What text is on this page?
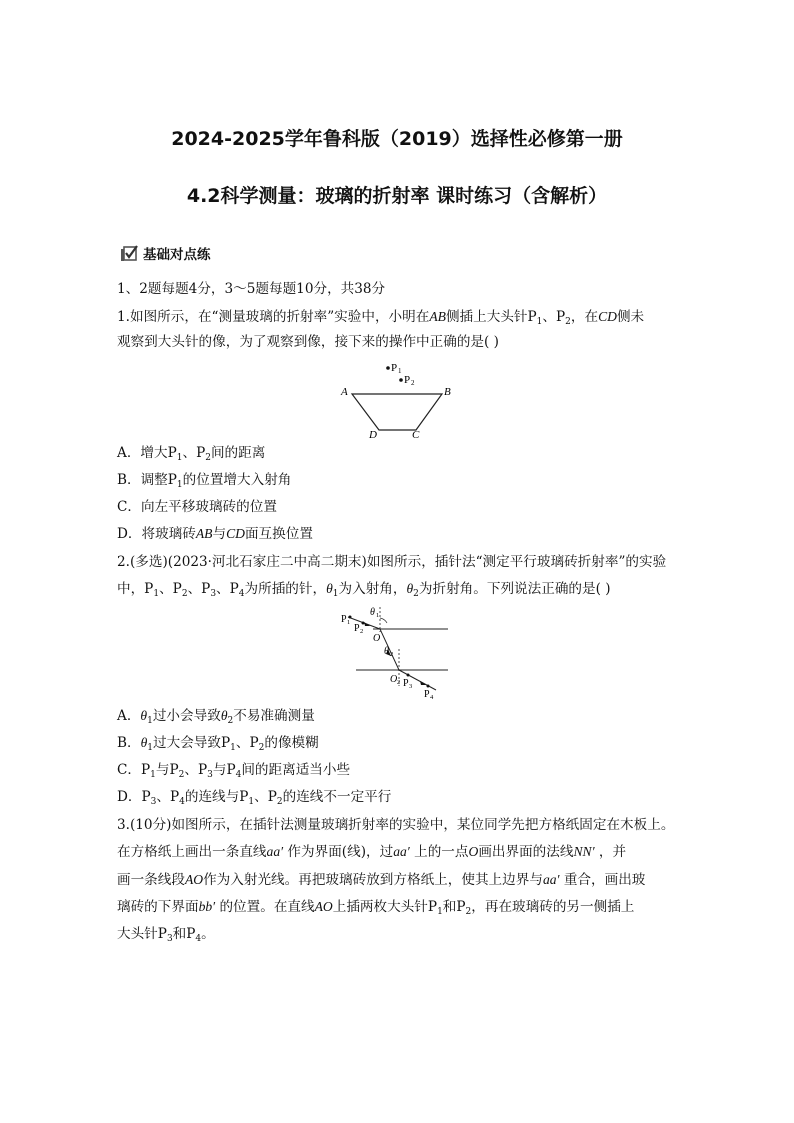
2024-2025学年鲁科版（2019）选择性必修第一册
4.2科学测量：玻璃的折射率 课时练习（含解析）
基础对点练
1、2题每题4分，3～5题每题10分，共38分
1.如图所示，在“测量玻璃的折射率”实验中，小明在AB侧插上大头针$P_1$、$P_2$，在CD侧未
观察到大头针的像，为了观察到像，接下来的操作中正确的是( )
P 1
P 2
A	B
D	C
A．增大$P_1$、$P_2$间的距离
B．调整$P_1$的位置增大入射角
C．向左平移玻璃砖的位置
D．将玻璃砖AB与CD面互换位置
2.(多选)(2023·河北石家庄二中高二期末)如图所示，插针法“测定平行玻璃砖折射率”的实验
中，$P_1$、$P_2$、$P_3$、$P_4$为所插的针，$\theta_1$为入射角，$\theta_2$为折射角。下列说法正确的是( )
P 1
P 2
θ 1
O
θ 2
O 2 P 3
P 4
A．$\theta_1$过小会导致$\theta_2$不易准确测量
B．$\theta_1$过大会导致$P_1$、$P_2$的像模糊
C．$P_1$与$P_2$、$P_3$与$P_4$间的距离适当小些
D．$P_3$、$P_4$的连线与$P_1$、$P_2$的连线不一定平行
3.(10分)如图所示，在插针法测量玻璃折射率的实验中，某位同学先把方格纸固定在木板上。
在方格纸上画出一条直线aa′ 作为界面(线)，过aa′ 上的一点O画出界面的法线NN′ ，并
画一条线段AO作为入射光线。再把玻璃砖放到方格纸上，使其上边界与aa′ 重合，画出玻
璃砖的下界面bb′ 的位置。在直线AO上插两枚大头针$P_1$和$P_2$，再在玻璃砖的另一侧插上
大头针$P_3$和$P_4$。
